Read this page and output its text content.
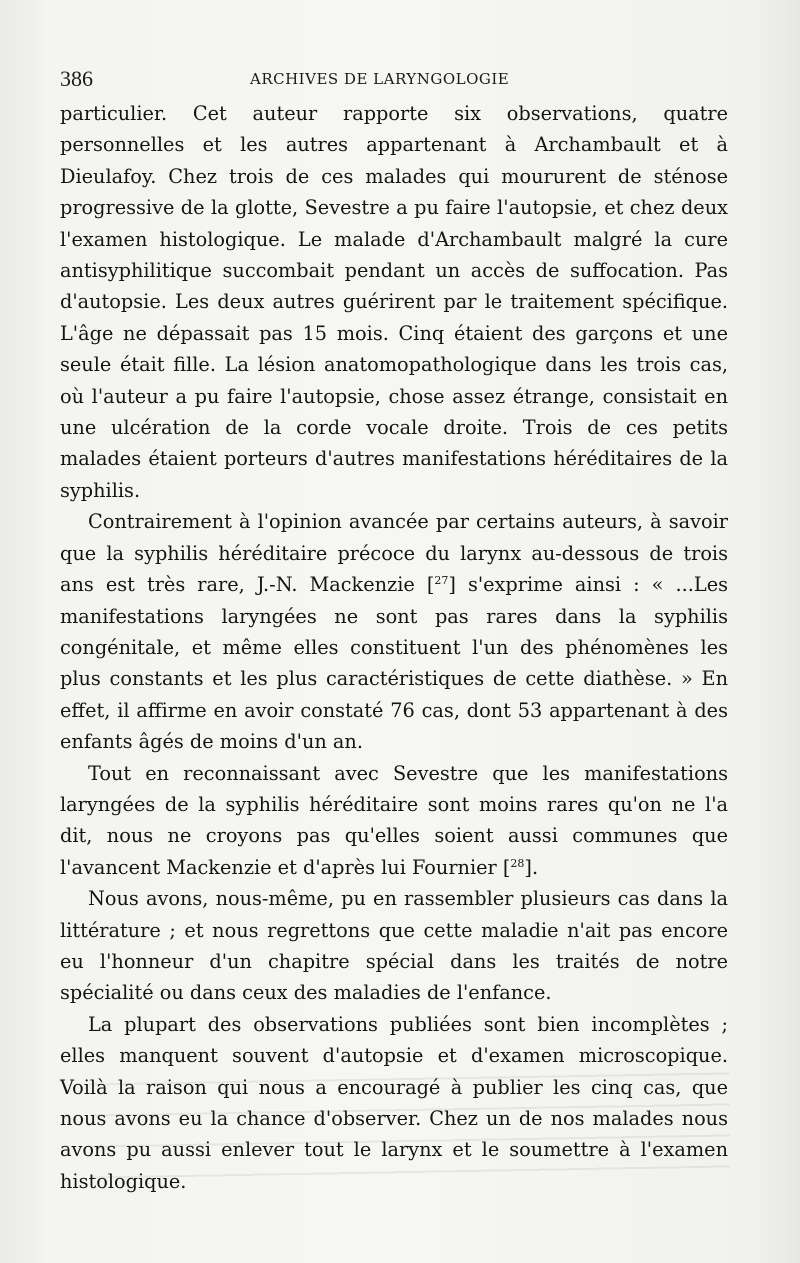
386	ARCHIVES DE LARYNGOLOGIE

particulier. Cet auteur rapporte six observations, quatre personnelles et les autres appartenant à Archambault et à Dieulafoy. Chez trois de ces malades qui moururent de sténose progressive de la glotte, Sevestre a pu faire l'autopsie, et chez deux l'examen histologique. Le malade d'Archambault malgré la cure antisyphilitique succombait pendant un accès de suffocation. Pas d'autopsie. Les deux autres guérirent par le traitement spécifique. L'âge ne dépassait pas 15 mois. Cinq étaient des garçons et une seule était fille. La lésion anatomopathologique dans les trois cas, où l'auteur a pu faire l'autopsie, chose assez étrange, consistait en une ulcération de la corde vocale droite. Trois de ces petits malades étaient porteurs d'autres manifestations héréditaires de la syphilis.

Contrairement à l'opinion avancée par certains auteurs, à savoir que la syphilis héréditaire précoce du larynx au-dessous de trois ans est très rare, J.-N. Mackenzie [$^{27}$] s'exprime ainsi : « ...Les manifestations laryngées ne sont pas rares dans la syphilis congénitale, et même elles constituent l'un des phénomènes les plus constants et les plus caractéristiques de cette diathèse. » En effet, il affirme en avoir constaté 76 cas, dont 53 appartenant à des enfants âgés de moins d'un an.

Tout en reconnaissant avec Sevestre que les manifestations laryngées de la syphilis héréditaire sont moins rares qu'on ne l'a dit, nous ne croyons pas qu'elles soient aussi communes que l'avancent Mackenzie et d'après lui Fournier [$^{28}$].

Nous avons, nous-même, pu en rassembler plusieurs cas dans la littérature ; et nous regrettons que cette maladie n'ait pas encore eu l'honneur d'un chapitre spécial dans les traités de notre spécialité ou dans ceux des maladies de l'enfance.

La plupart des observations publiées sont bien incomplètes ; elles manquent souvent d'autopsie et d'examen microscopique. Voilà la raison qui nous a encouragé à publier les cinq cas, que nous avons eu la chance d'observer. Chez un de nos malades nous avons pu aussi enlever tout le larynx et le soumettre à l'examen histologique.
